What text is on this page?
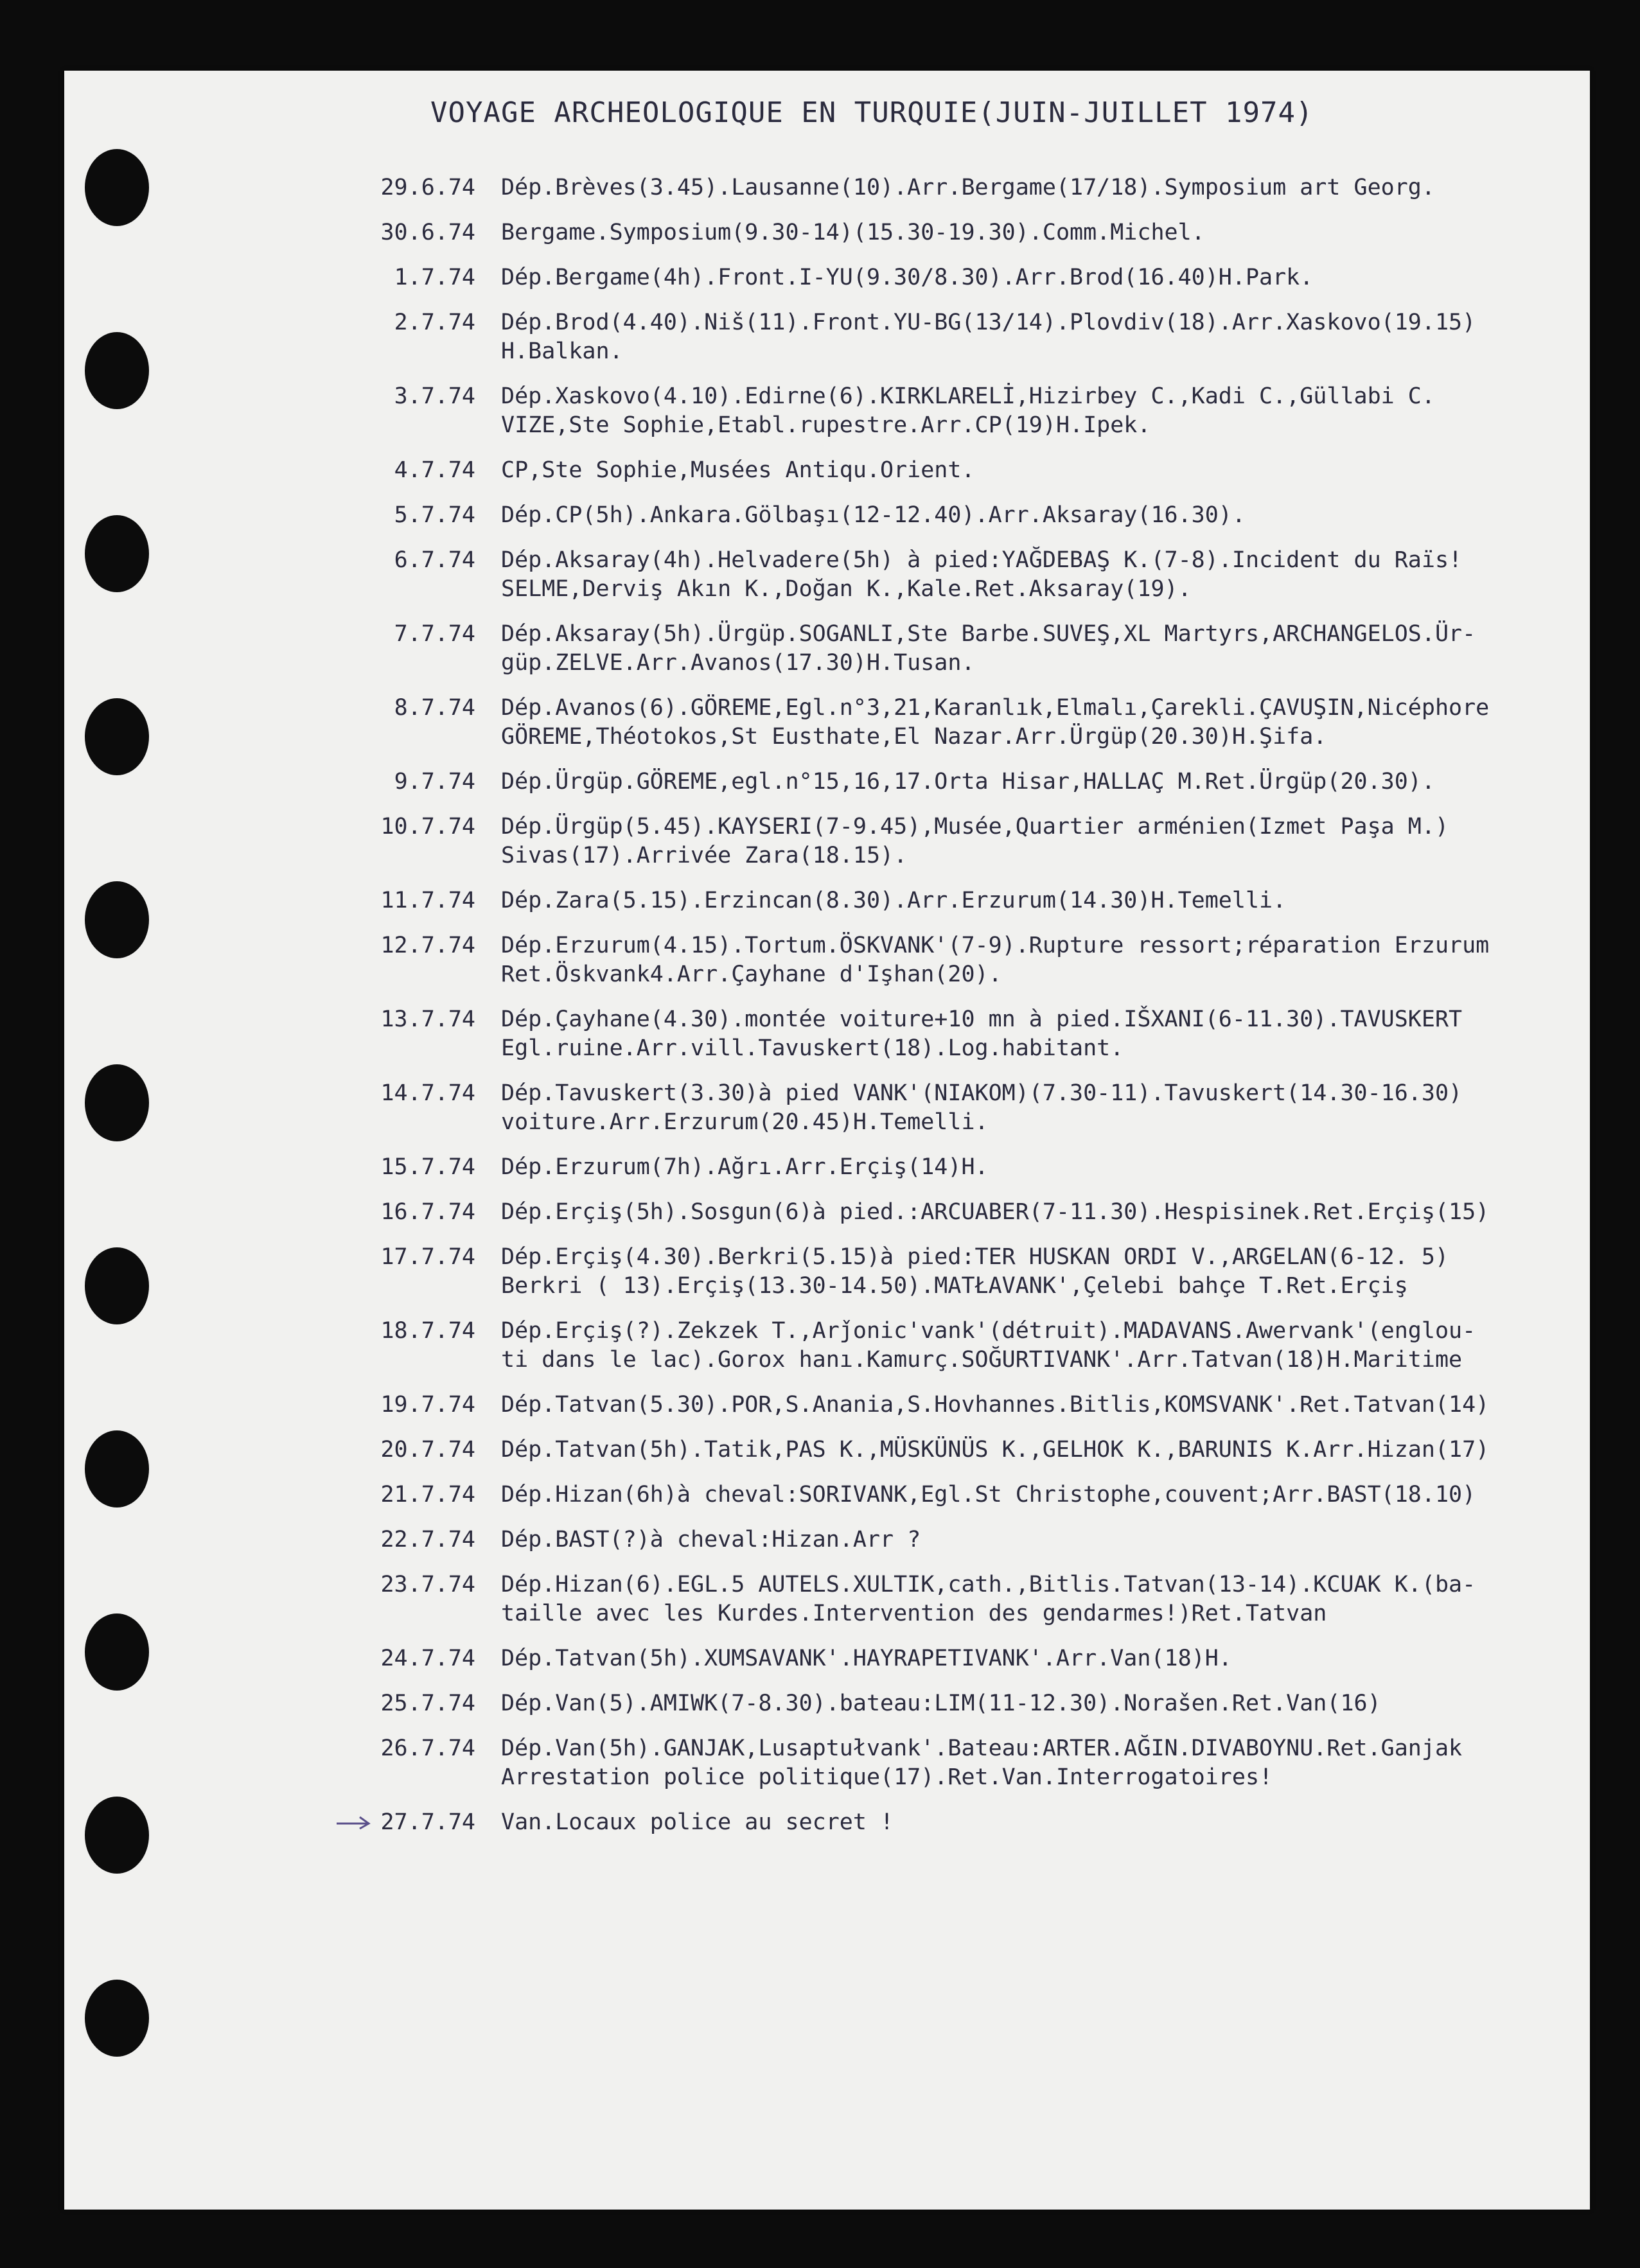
VOYAGE ARCHEOLOGIQUE EN TURQUIE(JUIN-JUILLET 1974)
29.6.74	Dép.Brèves(3.45).Lausanne(10).Arr.Bergame(17/18).Symposium art Georg.
30.6.74	Bergame.Symposium(9.30-14)(15.30-19.30).Comm.Michel.
1.7.74	Dép.Bergame(4h).Front.I-YU(9.30/8.30).Arr.Brod(16.40)H.Park.
2.7.74	Dép.Brod(4.40).Niš(11).Front.YU-BG(13/14).Plovdiv(18).Arr.Xaskovo(19.15)
H.Balkan.
3.7.74	Dép.Xaskovo(4.10).Edirne(6).KIRKLARELİ,Hizirbey C.,Kadi C.,Güllabi C.
VIZE,Ste Sophie,Etabl.rupestre.Arr.CP(19)H.Ipek.
4.7.74	CP,Ste Sophie,Musées Antiqu.Orient.
5.7.74	Dép.CP(5h).Ankara.Gölbaşı(12-12.40).Arr.Aksaray(16.30).
6.7.74	Dép.Aksaray(4h).Helvadere(5h) à pied:YAĞDEBAŞ K.(7-8).Incident du Raïs!
SELME,Derviş Akın K.,Doğan K.,Kale.Ret.Aksaray(19).
7.7.74	Dép.Aksaray(5h).Ürgüp.SOGANLI,Ste Barbe.SUVEŞ,XL Martyrs,ARCHANGELOS.Ür-
güp.ZELVE.Arr.Avanos(17.30)H.Tusan.
8.7.74	Dép.Avanos(6).GÖREME,Egl.n°3,21,Karanlık,Elmalı,Çarekli.ÇAVUŞIN,Nicéphore
GÖREME,Théotokos,St Eusthate,El Nazar.Arr.Ürgüp(20.30)H.Şifa.
9.7.74	Dép.Ürgüp.GÖREME,egl.n°15,16,17.Orta Hisar,HALLAÇ M.Ret.Ürgüp(20.30).
10.7.74	Dép.Ürgüp(5.45).KAYSERI(7-9.45),Musée,Quartier arménien(Izmet Paşa M.)
Sivas(17).Arrivée Zara(18.15).
11.7.74	Dép.Zara(5.15).Erzincan(8.30).Arr.Erzurum(14.30)H.Temelli.
12.7.74	Dép.Erzurum(4.15).Tortum.ÖSKVANK'(7-9).Rupture ressort;réparation Erzurum
Ret.Öskvank4.Arr.Çayhane d'Işhan(20).
13.7.74	Dép.Çayhane(4.30).montée voiture+10 mn à pied.IŠXANI(6-11.30).TAVUSKERT
Egl.ruine.Arr.vill.Tavuskert(18).Log.habitant.
14.7.74	Dép.Tavuskert(3.30)à pied VANK'(NIAKOM)(7.30-11).Tavuskert(14.30-16.30)
voiture.Arr.Erzurum(20.45)H.Temelli.
15.7.74	Dép.Erzurum(7h).Ağrı.Arr.Erçiş(14)H.
16.7.74	Dép.Erçiş(5h).Sosgun(6)à pied.:ARCUABER(7-11.30).Hespisinek.Ret.Erçiş(15)
17.7.74	Dép.Erçiş(4.30).Berkri(5.15)à pied:TER HUSKAN ORDI V.,ARGELAN(6-12. 5)
Berkri ( 13).Erçiş(13.30-14.50).MATŁAVANK',Çelebi bahçe T.Ret.Erçiş
18.7.74	Dép.Erçiş(?).Zekzek T.,Arǰonic'vank'(détruit).MADAVANS.Awervank'(englou-
ti dans le lac).Gorox hanı.Kamurç.SOĞURTIVANK'.Arr.Tatvan(18)H.Maritime
19.7.74	Dép.Tatvan(5.30).POR,S.Anania,S.Hovhannes.Bitlis,KOMSVANK'.Ret.Tatvan(14)
20.7.74	Dép.Tatvan(5h).Tatik,PAS K.,MÜSKÜNÜS K.,GELHOK K.,BARUNIS K.Arr.Hizan(17)
21.7.74	Dép.Hizan(6h)à cheval:SORIVANK,Egl.St Christophe,couvent;Arr.BAST(18.10)
22.7.74	Dép.BAST(?)à cheval:Hizan.Arr ?
23.7.74	Dép.Hizan(6).EGL.5 AUTELS.XULTIK,cath.,Bitlis.Tatvan(13-14).KCUAK K.(ba-
taille avec les Kurdes.Intervention des gendarmes!)Ret.Tatvan
24.7.74	Dép.Tatvan(5h).XUMSAVANK'.HAYRAPETIVANK'.Arr.Van(18)H.
25.7.74	Dép.Van(5).AMIWK(7-8.30).bateau:LIM(11-12.30).Norašen.Ret.Van(16)
26.7.74	Dép.Van(5h).GANJAK,Lusaptułvank'.Bateau:ARTER.AĞIN.DIVABOYNU.Ret.Ganjak
Arrestation police politique(17).Ret.Van.Interrogatoires!
27.7.74	Van.Locaux police au secret !
